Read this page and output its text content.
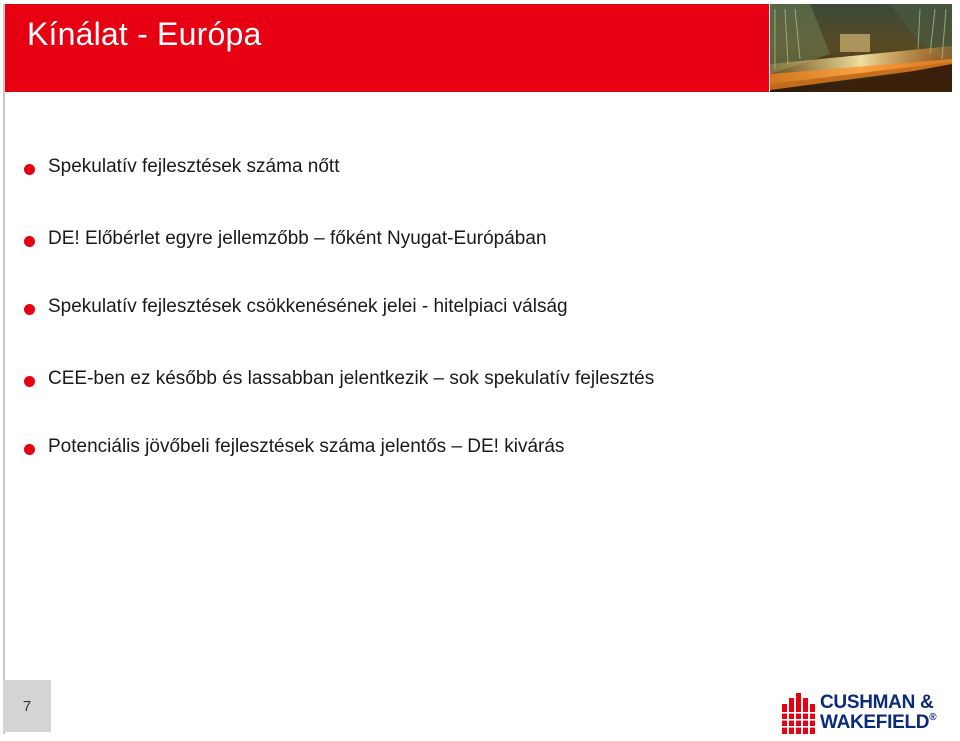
Kínálat - Európa
Spekulatív fejlesztések száma nőtt
DE! Előbérlet egyre jellemzőbb – főként Nyugat-Európában
Spekulatív fejlesztések csökkenésének jelei - hitelpiaci válság
CEE-ben ez később és lassabban jelentkezik – sok spekulatív fejlesztés
Potenciális jövőbeli fejlesztések száma jelentős – DE! kivárás
7	CUSHMAN &
WAKEFIELD®
